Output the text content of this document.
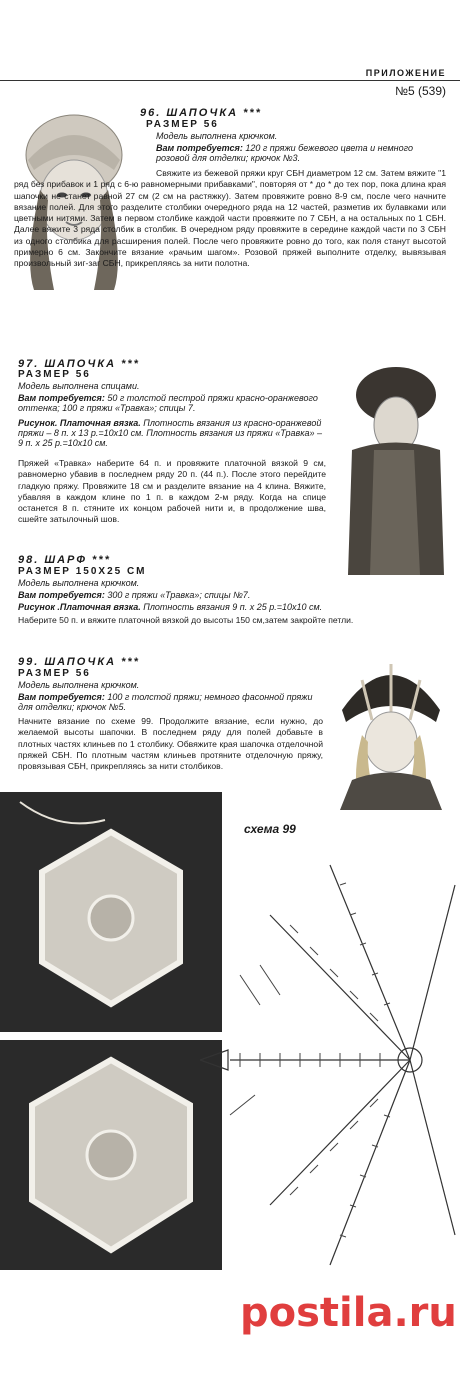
ПРИЛОЖЕНИЕ
№5 (539)
96. ШАПОЧКА ***
РАЗМЕР 56
Модель выполнена крючком.
Вам потребуется: 120 г пряжи бежевого цвета и немного розовой для отделки; крючок №3.
Свяжите из бежевой пряжи круг СБН диаметром 12 см. Затем вяжите "1 ряд без прибавок и 1 ряд с 6-ю равномерными прибавками", повторяя от * до * до тех пор, пока длина края шапочки не станет равной 27 см (2 см на растяжку). Затем провяжите ровно 8-9 см, после чего начните вязание полей. Для этого разделите столбики очередного ряда на 12 частей, разметив их булавками или цветными нитями. Затем в первом столбике каждой части провяжите по 7 СБН, а на остальных по 1 СБН. Далее вяжите 3 ряда столбик в столбик. В очередном ряду провяжите в середине каждой части по 3 СБН из одного столбика для расширения полей. После чего провяжите ровно до того, как поля станут высотой примерно 6 см. Закончите вязание «рачьим шагом». Розовой пряжей выполните отделку, вывязывая произвольный зиг-заг СБН, прикрепляясь за нити полотна.
97. ШАПОЧКА ***
РАЗМЕР 56
Модель выполнена спицами.
Вам потребуется: 50 г толстой пестрой пряжи красно-оранжевого оттенка; 100 г пряжи «Травка»; спицы 7.
Рисунок. Платочная вязка. Плотность вязания из красно-оранжевой пряжи – 8 п. х 13 р.=10х10 см. Плотность вязания из пряжи «Травка» – 9 п. х 25 р.=10х10 см.
Пряжей «Травка» наберите 64 п. и провяжите платочной вязкой 9 см, равномерно убавив в последнем ряду 20 п. (44 п.). После этого перейдите гладкую пряжу. Провяжите 18 см и разделите вязание на 4 клина. Вяжите, убавляя в каждом клине по 1 п. в каждом 2-м ряду. Когда на спице останется 8 п. стяните их концом рабочей нити и, в продолжение шва, сшейте затылочный шов.
98. ШАРФ ***
РАЗМЕР 150Х25 СМ
Модель выполнена крючком.
Вам потребуется: 300 г пряжи «Травка»; спицы №7.
Рисунок .Платочная вязка. Плотность вязания 9 п. х 25 р.=10х10 см.
Наберите 50 п. и вяжите платочной вязкой до высоты 150 см,затем закройте петли.
99. ШАПОЧКА ***
РАЗМЕР 56
Модель выполнена крючком.
Вам потребуется: 100 г толстой пряжи; немного фасонной пряжи для отделки; крючок №5.
Начните вязание по схеме 99. Продолжите вязание, если нужно, до желаемой высоты шапочки. В последнем ряду для полей добавьте в плотных частях клиньев по 1 столбику. Обвяжите края шапочка отделочной пряжей СБН. По плотным частям клиньев протяните отделочную пряжу, провязывая СБН, прикрепляясь за нити столбиков.
схема 99
postila.ru
